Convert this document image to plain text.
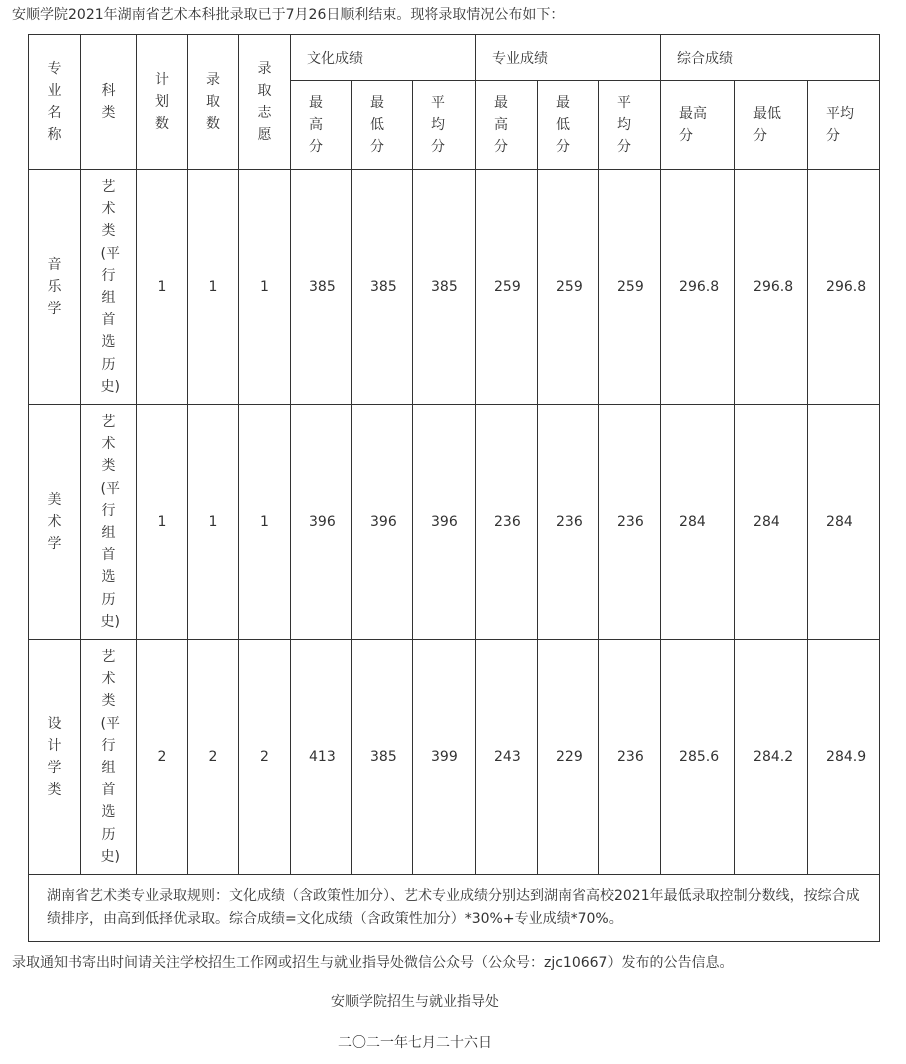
安顺学院2021年湖南省艺术本科批录取已于7月26日顺利结束。现将录取情况公布如下：
专业名称	科类	计划数	录取数	录取志愿	文化成绩			专业成绩			综合成绩		
					最高分	最低分	平均分	最高分	最低分	平均分	最高分	最低分	平均分
音乐学	艺术类(平行组首选历史)	1	1	1	385	385	385	259	259	259	296.8	296.8	296.8
美术学	艺术类(平行组首选历史)	1	1	1	396	396	396	236	236	236	284	284	284
设计学类	艺术类(平行组首选历史)	2	2	2	413	385	399	243	229	236	285.6	284.2	284.9
湖南省艺术类专业录取规则：文化成绩（含政策性加分）、艺术专业成绩分别达到湖南省高校2021年最低录取控制分数线，按综合成绩排序，由高到低择优录取。综合成绩=文化成绩（含政策性加分）*30%+专业成绩*70%。													
录取通知书寄出时间请关注学校招生工作网或招生与就业指导处微信公众号（公众号：zjc10667）发布的公告信息。
安顺学院招生与就业指导处
二〇二一年七月二十六日
